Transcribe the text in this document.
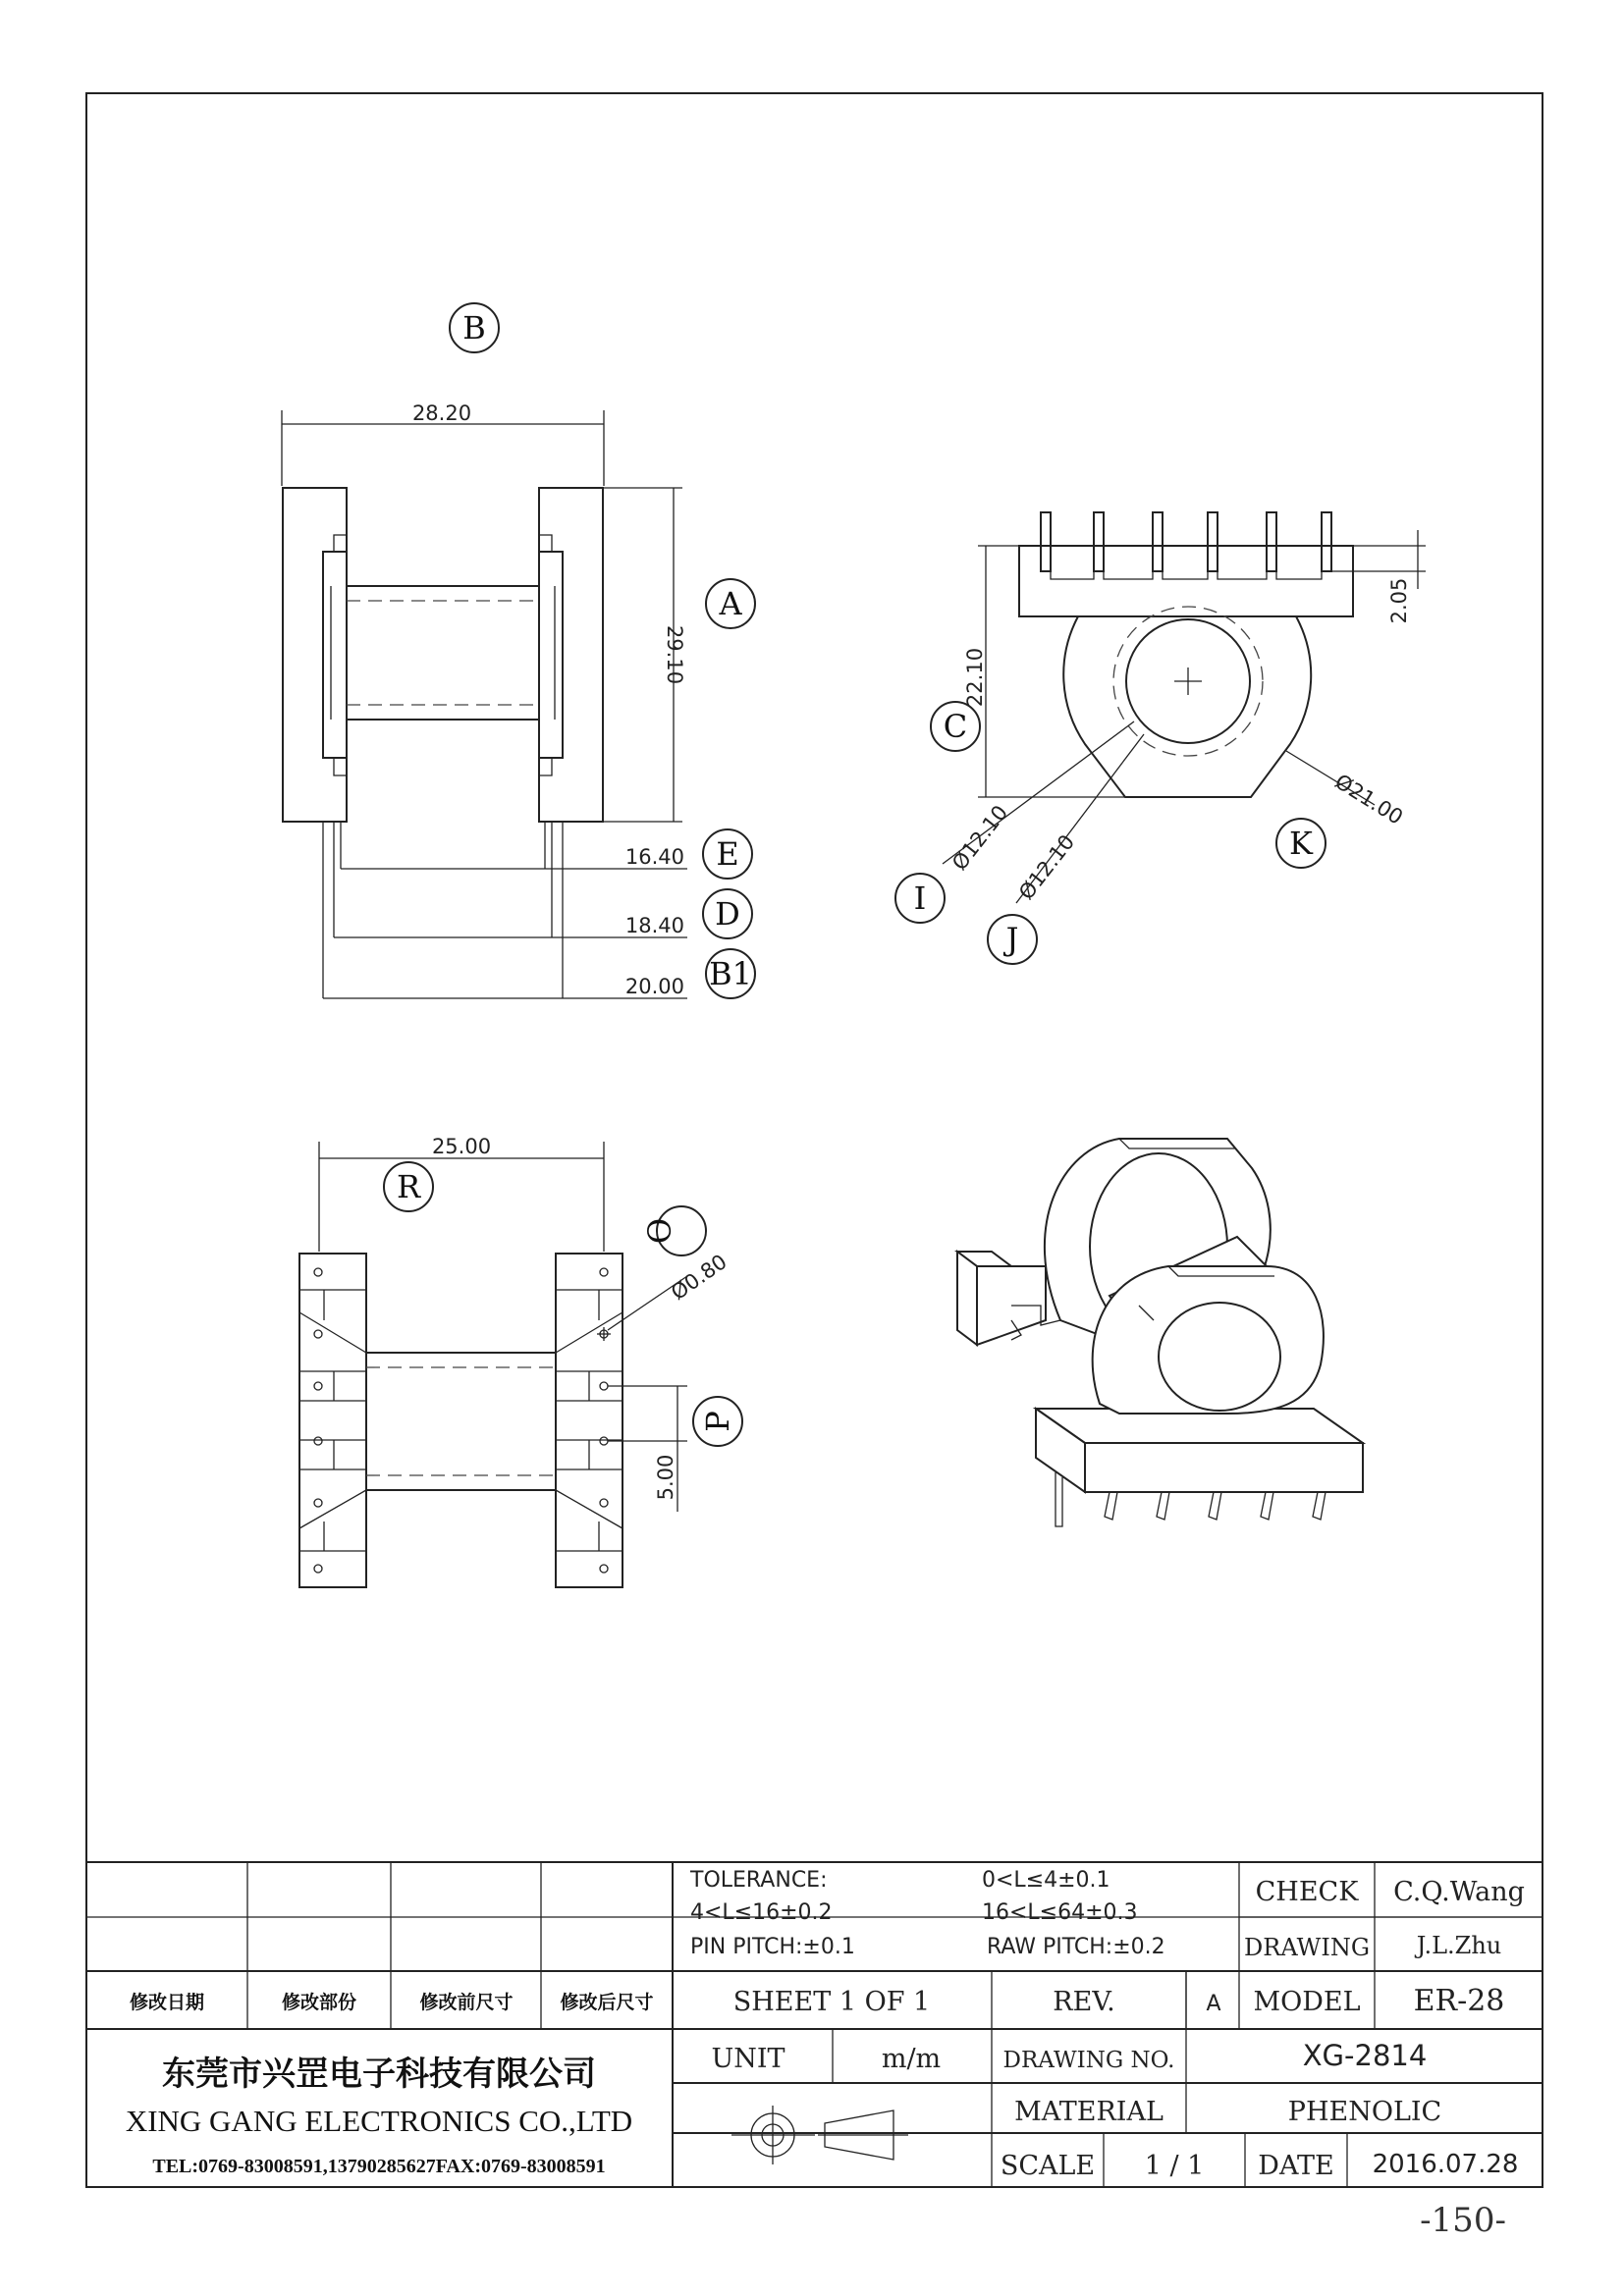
B
28.20
29.10
A
16.40 E
18.40 D
20.00 B1
2.05
22.10
C
Ø12.10 Ø12.10
Ø21.00
I
J
K
25.00
R
Ø0.80
O
5.00
P
TOLERANCE:	0<L≤4±0.1
4<L≤16±0.2	16<L≤64±0.3
PIN PITCH:±0.1	RAW PITCH:±0.2
CHECK C.Q.Wang
DRAWING J.L.Zhu
修改日期	修改部份	修改前尺寸	修改后尺寸	SHEET 1 OF 1	REV.	A MODEL ER-28
UNIT	m/m	DRAWING NO.	XG-2814
MATERIAL	PHENOLIC
SCALE 1 / 1 DATE 2016.07.28
东莞市兴罡电子科技有限公司
XING GANG ELECTRONICS CO.,LTD
TEL:0769-83008591,13790285627FAX:0769-83008591
-150-
